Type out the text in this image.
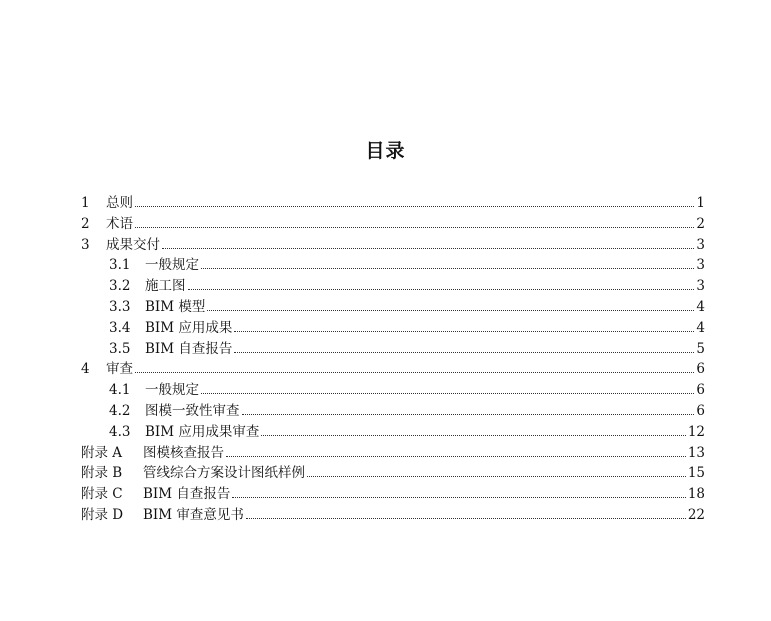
目录
1	总则	1
2	术语	2
3	成果交付	3
3.1	一般规定	3
3.2	施工图	3
3.3	BIM 模型	4
3.4	BIM 应用成果	4
3.5	BIM 自查报告	5
4	审查	6
4.1	一般规定	6
4.2	图模一致性审查	6
4.3	BIM 应用成果审查	12
附录 A	图模核查报告	13
附录 B	管线综合方案设计图纸样例	15
附录 C	BIM 自查报告	18
附录 D	BIM 审查意见书	22
